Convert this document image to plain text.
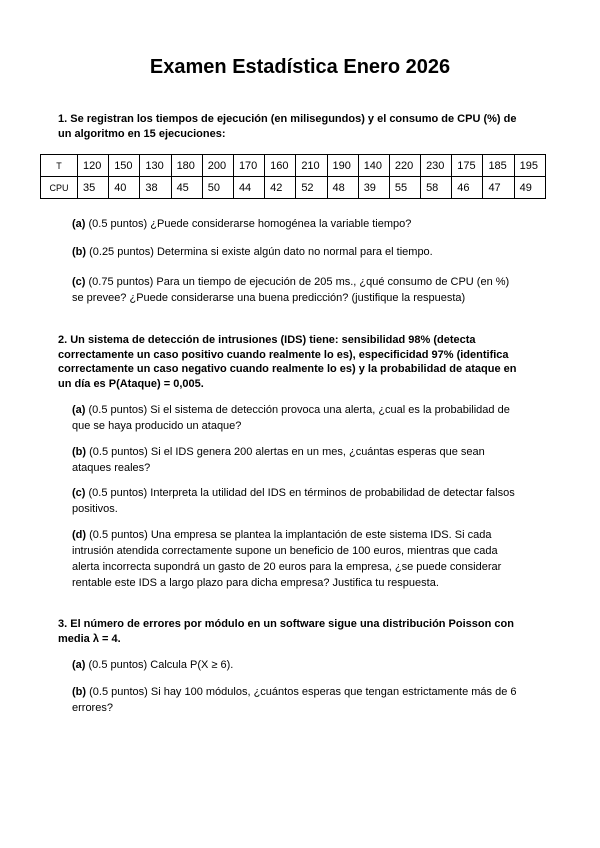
Examen Estadística Enero 2026
1. Se registran los tiempos de ejecución (en milisegundos) y el consumo de CPU (%) de un algoritmo en 15 ejecuciones:
T	120	150	130	180	200	170	160	210	190	140	220	230	175	185	195
CPU	35	40	38	45	50	44	42	52	48	39	55	58	46	47	49
(a) (0.5 puntos) ¿Puede considerarse homogénea la variable tiempo?
(b) (0.25 puntos) Determina si existe algún dato no normal para el tiempo.
(c) (0.75 puntos) Para un tiempo de ejecución de 205 ms., ¿qué consumo de CPU (en %) se prevee? ¿Puede considerarse una buena predicción? (justifique la respuesta)
2. Un sistema de detección de intrusiones (IDS) tiene: sensibilidad 98% (detecta correctamente un caso positivo cuando realmente lo es), especificidad 97% (identifica correctamente un caso negativo cuando realmente lo es) y la probabilidad de ataque en un día es P(Ataque) = 0,005.
(a) (0.5 puntos) Si el sistema de detección provoca una alerta, ¿cual es la probabilidad de que se haya producido un ataque?
(b) (0.5 puntos) Si el IDS genera 200 alertas en un mes, ¿cuántas esperas que sean ataques reales?
(c) (0.5 puntos) Interpreta la utilidad del IDS en términos de probabilidad de detectar falsos positivos.
(d) (0.5 puntos) Una empresa se plantea la implantación de este sistema IDS. Si cada intrusión atendida correctamente supone un beneficio de 100 euros, mientras que cada alerta incorrecta supondrá un gasto de 20 euros para la empresa, ¿se puede considerar rentable este IDS a largo plazo para dicha empresa? Justifica tu respuesta.
3. El número de errores por módulo en un software sigue una distribución Poisson con media λ = 4.
(a) (0.5 puntos) Calcula P(X ≥ 6).
(b) (0.5 puntos) Si hay 100 módulos, ¿cuántos esperas que tengan estrictamente más de 6 errores?
